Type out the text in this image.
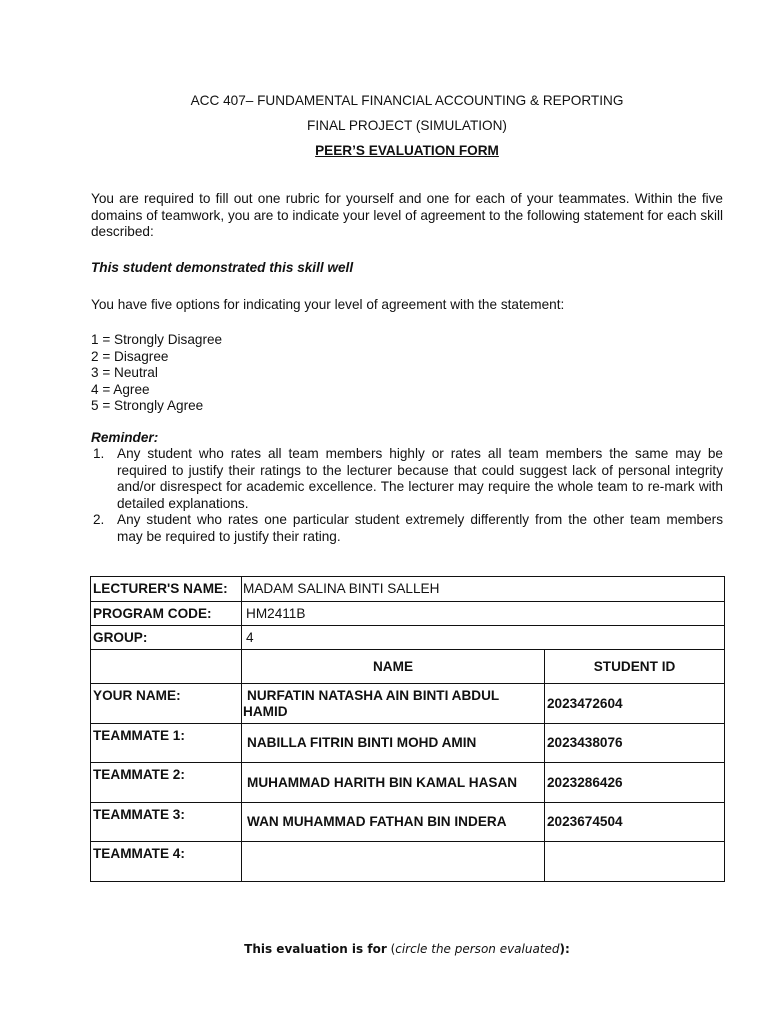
ACC 407– FUNDAMENTAL FINANCIAL ACCOUNTING & REPORTING
FINAL PROJECT (SIMULATION)
PEER’S EVALUATION FORM
You are required to fill out one rubric for yourself and one for each of your teammates. Within the five domains of teamwork, you are to indicate your level of agreement to the following statement for each skill described:
This student demonstrated this skill well
You have five options for indicating your level of agreement with the statement:
1 = Strongly Disagree
2 = Disagree
3 = Neutral
4 = Agree
5 = Strongly Agree
Reminder:
1. Any student who rates all team members highly or rates all team members the same may be required to justify their ratings to the lecturer because that could suggest lack of personal integrity and/or disrespect for academic excellence. The lecturer may require the whole team to re-mark with detailed explanations.
2. Any student who rates one particular student extremely differently from the other team members may be required to justify their rating.
LECTURER'S NAME:	MADAM SALINA BINTI SALLEH	
PROGRAM CODE:	HM2411B	
GROUP:	4	
	NAME	STUDENT ID
YOUR NAME:	NURFATIN NATASHA AIN BINTI ABDUL HAMID	2023472604
TEAMMATE 1:	NABILLA FITRIN BINTI MOHD AMIN	2023438076
TEAMMATE 2:	MUHAMMAD HARITH BIN KAMAL HASAN	2023286426
TEAMMATE 3:	WAN MUHAMMAD FATHAN BIN INDERA	2023674504
TEAMMATE 4:		
This evaluation is for (circle the person evaluated):
